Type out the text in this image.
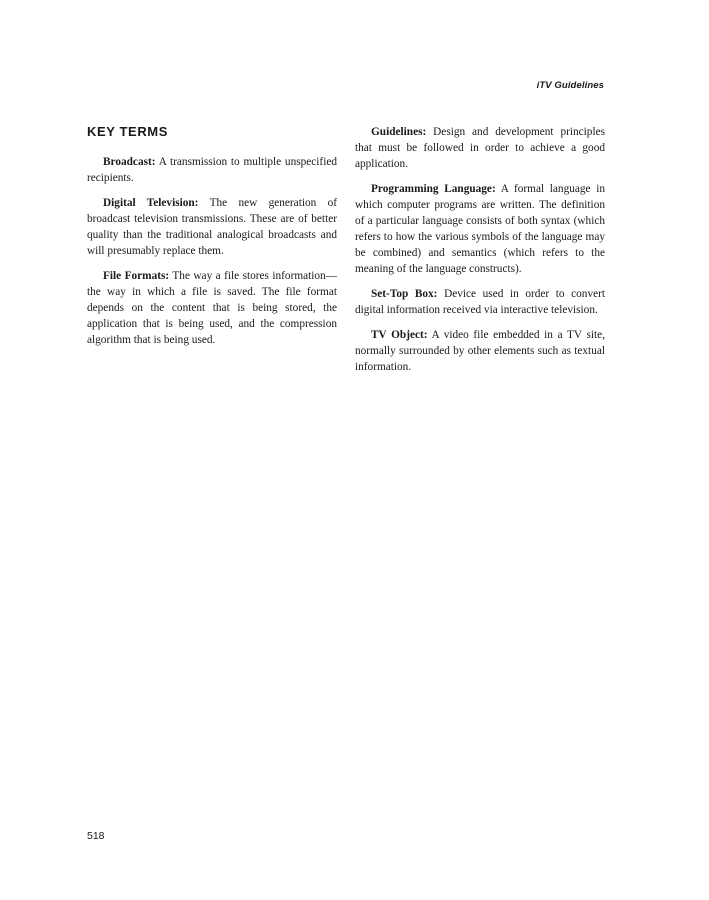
iTV Guidelines
KEY TERMS

Broadcast: A transmission to multiple unspecified recipients.

Digital Television: The new generation of broadcast television transmissions. These are of better quality than the traditional analogical broadcasts and will presumably replace them.

File Formats: The way a file stores information—the way in which a file is saved. The file format depends on the content that is being stored, the application that is being used, and the compression algorithm that is being used.

Guidelines: Design and development principles that must be followed in order to achieve a good application.

Programming Language: A formal language in which computer programs are written. The definition of a particular language consists of both syntax (which refers to how the various symbols of the language may be combined) and semantics (which refers to the meaning of the language constructs).

Set-Top Box: Device used in order to convert digital information received via interactive television.

TV Object: A video file embedded in a TV site, normally surrounded by other elements such as textual information.

518
